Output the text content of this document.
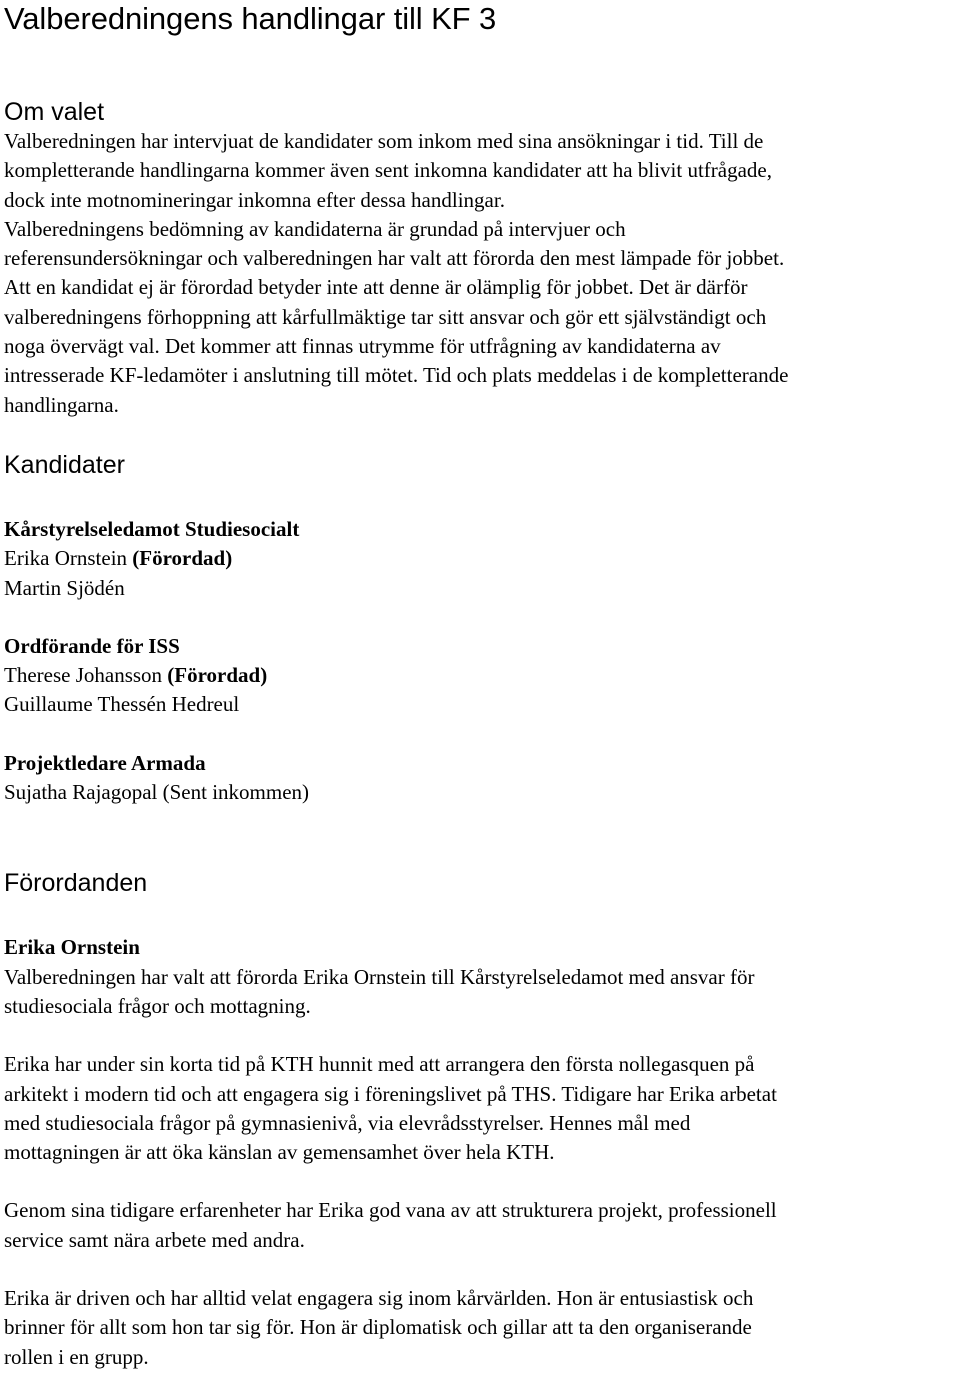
Valberedningens handlingar till KF 3
Om valet

Valberedningen har intervjuat de kandidater som inkom med sina ansökningar i tid. Till de
kompletterande handlingarna kommer även sent inkomna kandidater att ha blivit utfrågade,
dock inte motnomineringar inkomna efter dessa handlingar.
Valberedningens bedömning av kandidaterna är grundad på intervjuer och
referensundersökningar och valberedningen har valt att förorda den mest lämpade för jobbet.
Att en kandidat ej är förordad betyder inte att denne är olämplig för jobbet. Det är därför
valberedningens förhoppning att kårfullmäktige tar sitt ansvar och gör ett självständigt och
noga övervägt val. Det kommer att finnas utrymme för utfrågning av kandidaterna av
intresserade KF-ledamöter i anslutning till mötet. Tid och plats meddelas i de kompletterande
handlingarna.

Kandidater
Kårstyrelseledamot Studiesocialt
Erika Ornstein (Förordad)
Martin Sjödén
Ordförande för ISS
Therese Johansson (Förordad)
Guillaume Thessén Hedreul
Projektledare Armada
Sujatha Rajagopal (Sent inkommen)
Förordanden
Erika Ornstein
Valberedningen har valt att förorda Erika Ornstein till Kårstyrelseledamot med ansvar för
studiesociala frågor och mottagning.
Erika har under sin korta tid på KTH hunnit med att arrangera den första nollegasquen på
arkitekt i modern tid och att engagera sig i föreningslivet på THS. Tidigare har Erika arbetat
med studiesociala frågor på gymnasienivå, via elevrådsstyrelser. Hennes mål med
mottagningen är att öka känslan av gemensamhet över hela KTH.
Genom sina tidigare erfarenheter har Erika god vana av att strukturera projekt, professionell
service samt nära arbete med andra.
Erika är driven och har alltid velat engagera sig inom kårvärlden. Hon är entusiastisk och
brinner för allt som hon tar sig för. Hon är diplomatisk och gillar att ta den organiserande
rollen i en grupp.
